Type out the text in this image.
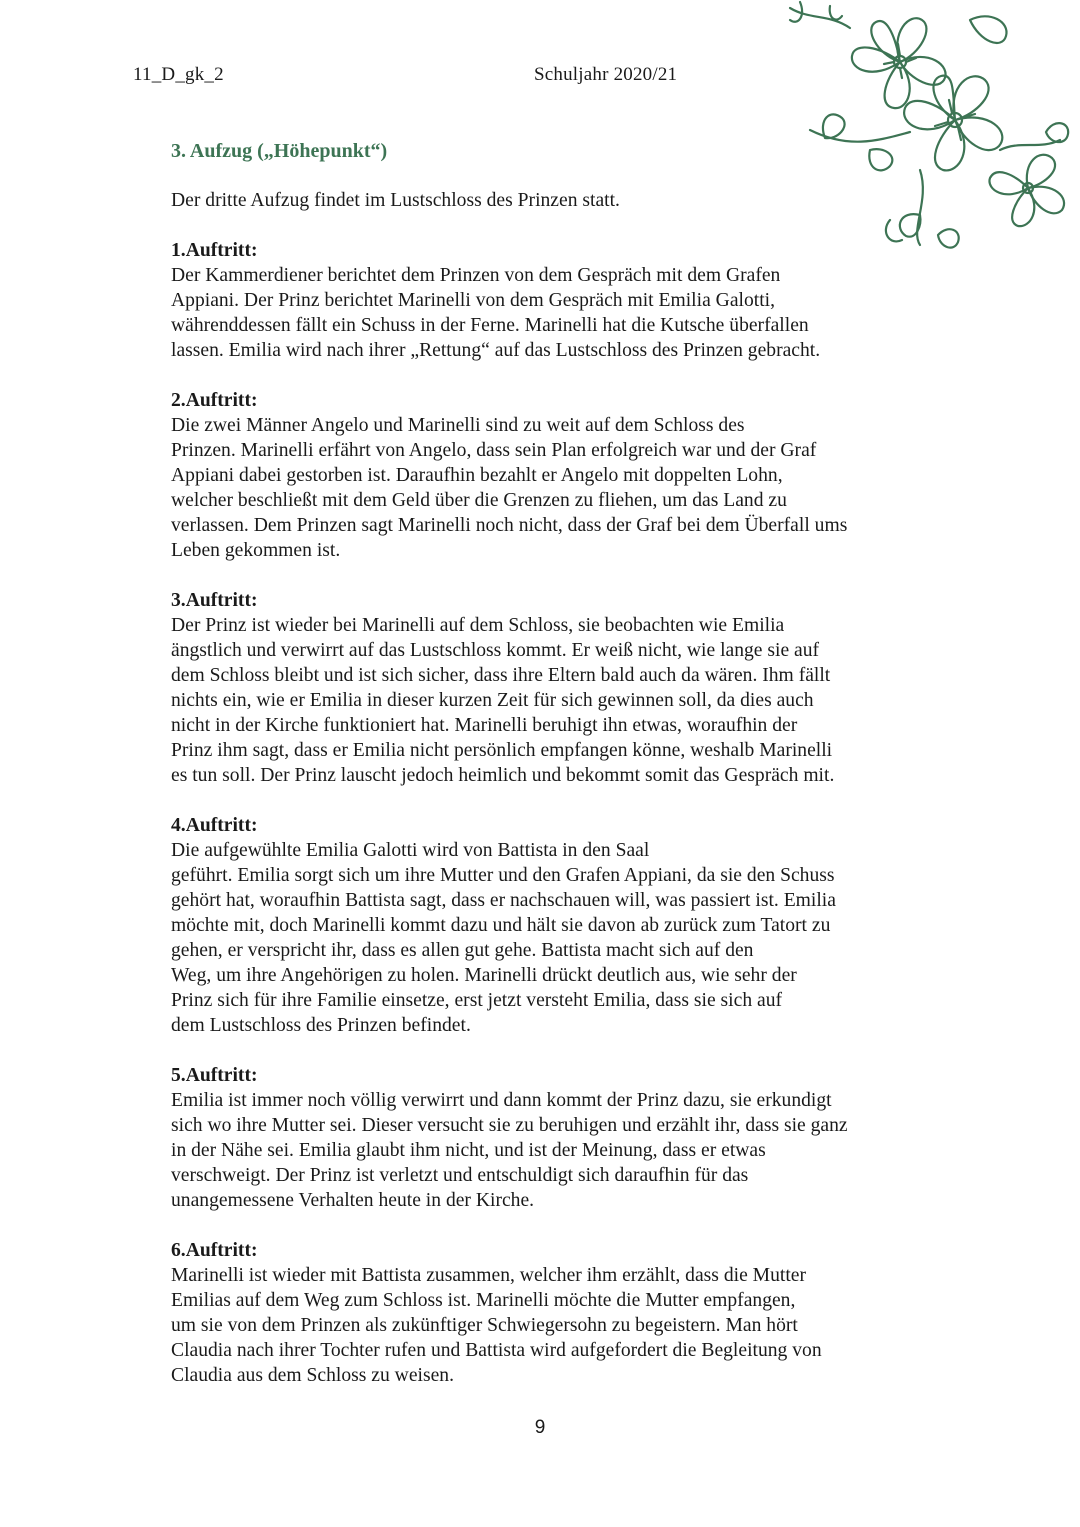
11_D_gk_2	Schuljahr 2020/21
3. Aufzug („Höhepunkt“)

Der dritte Aufzug findet im Lustschloss des Prinzen statt.

1.Auftritt:

Der Kammerdiener berichtet dem Prinzen von dem Gespräch mit dem Grafen
Appiani. Der Prinz berichtet Marinelli von dem Gespräch mit Emilia Galotti,
währenddessen fällt ein Schuss in der Ferne. Marinelli hat die Kutsche überfallen
lassen. Emilia wird nach ihrer „Rettung“ auf das Lustschloss des Prinzen gebracht.

2.Auftritt:

Die zwei Männer Angelo und Marinelli sind zu weit auf dem Schloss des
Prinzen. Marinelli erfährt von Angelo, dass sein Plan erfolgreich war und der Graf
Appiani dabei gestorben ist. Daraufhin bezahlt er Angelo mit doppelten Lohn,
welcher beschließt mit dem Geld über die Grenzen zu fliehen, um das Land zu
verlassen. Dem Prinzen sagt Marinelli noch nicht, dass der Graf bei dem Überfall ums
Leben gekommen ist.

3.Auftritt:

Der Prinz ist wieder bei Marinelli auf dem Schloss, sie beobachten wie Emilia
ängstlich und verwirrt auf das Lustschloss kommt. Er weiß nicht, wie lange sie auf
dem Schloss bleibt und ist sich sicher, dass ihre Eltern bald auch da wären. Ihm fällt
nichts ein, wie er Emilia in dieser kurzen Zeit für sich gewinnen soll, da dies auch
nicht in der Kirche funktioniert hat. Marinelli beruhigt ihn etwas, woraufhin der
Prinz ihm sagt, dass er Emilia nicht persönlich empfangen könne, weshalb Marinelli
es tun soll. Der Prinz lauscht jedoch heimlich und bekommt somit das Gespräch mit.

4.Auftritt:

Die aufgewühlte Emilia Galotti wird von Battista in den Saal
geführt. Emilia sorgt sich um ihre Mutter und den Grafen Appiani, da sie den Schuss
gehört hat, woraufhin Battista sagt, dass er nachschauen will, was passiert ist. Emilia
möchte mit, doch Marinelli kommt dazu und hält sie davon ab zurück zum Tatort zu
gehen, er verspricht ihr, dass es allen gut gehe. Battista macht sich auf den
Weg, um ihre Angehörigen zu holen. Marinelli drückt deutlich aus, wie sehr der
Prinz sich für ihre Familie einsetze, erst jetzt versteht Emilia, dass sie sich auf
dem Lustschloss des Prinzen befindet.

5.Auftritt:

Emilia ist immer noch völlig verwirrt und dann kommt der Prinz dazu, sie erkundigt
sich wo ihre Mutter sei. Dieser versucht sie zu beruhigen und erzählt ihr, dass sie ganz
in der Nähe sei. Emilia glaubt ihm nicht, und ist der Meinung, dass er etwas
verschweigt. Der Prinz ist verletzt und entschuldigt sich daraufhin für das
unangemessene Verhalten heute in der Kirche.

6.Auftritt:

Marinelli ist wieder mit Battista zusammen, welcher ihm erzählt, dass die Mutter
Emilias auf dem Weg zum Schloss ist. Marinelli möchte die Mutter empfangen,
um sie von dem Prinzen als zukünftiger Schwiegersohn zu begeistern. Man hört
Claudia nach ihrer Tochter rufen und Battista wird aufgefordert die Begleitung von
Claudia aus dem Schloss zu weisen.
9
